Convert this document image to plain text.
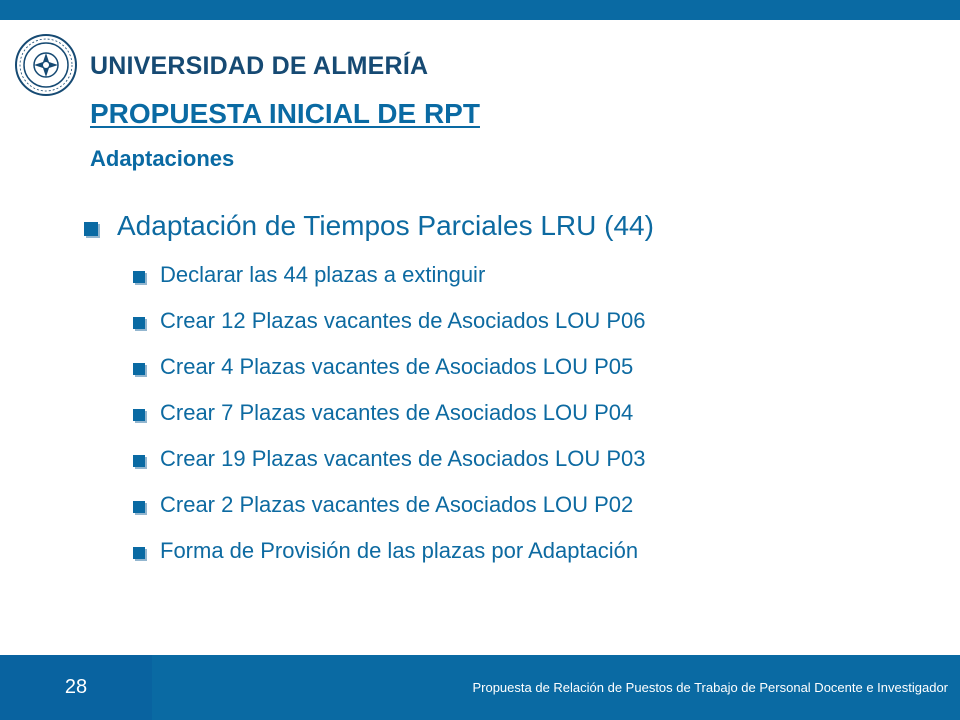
UNIVERSIDAD DE ALMERÍA
PROPUESTA INICIAL DE RPT
Adaptaciones
Adaptación de Tiempos Parciales LRU (44)
Declarar las 44 plazas a extinguir
Crear 12 Plazas vacantes de Asociados LOU P06
Crear 4 Plazas vacantes de Asociados LOU P05
Crear 7 Plazas vacantes de Asociados LOU P04
Crear 19 Plazas vacantes de Asociados LOU P03
Crear 2 Plazas vacantes de Asociados LOU P02
Forma de Provisión de las plazas por Adaptación
28	Propuesta de Relación de Puestos de Trabajo de Personal Docente e Investigador
